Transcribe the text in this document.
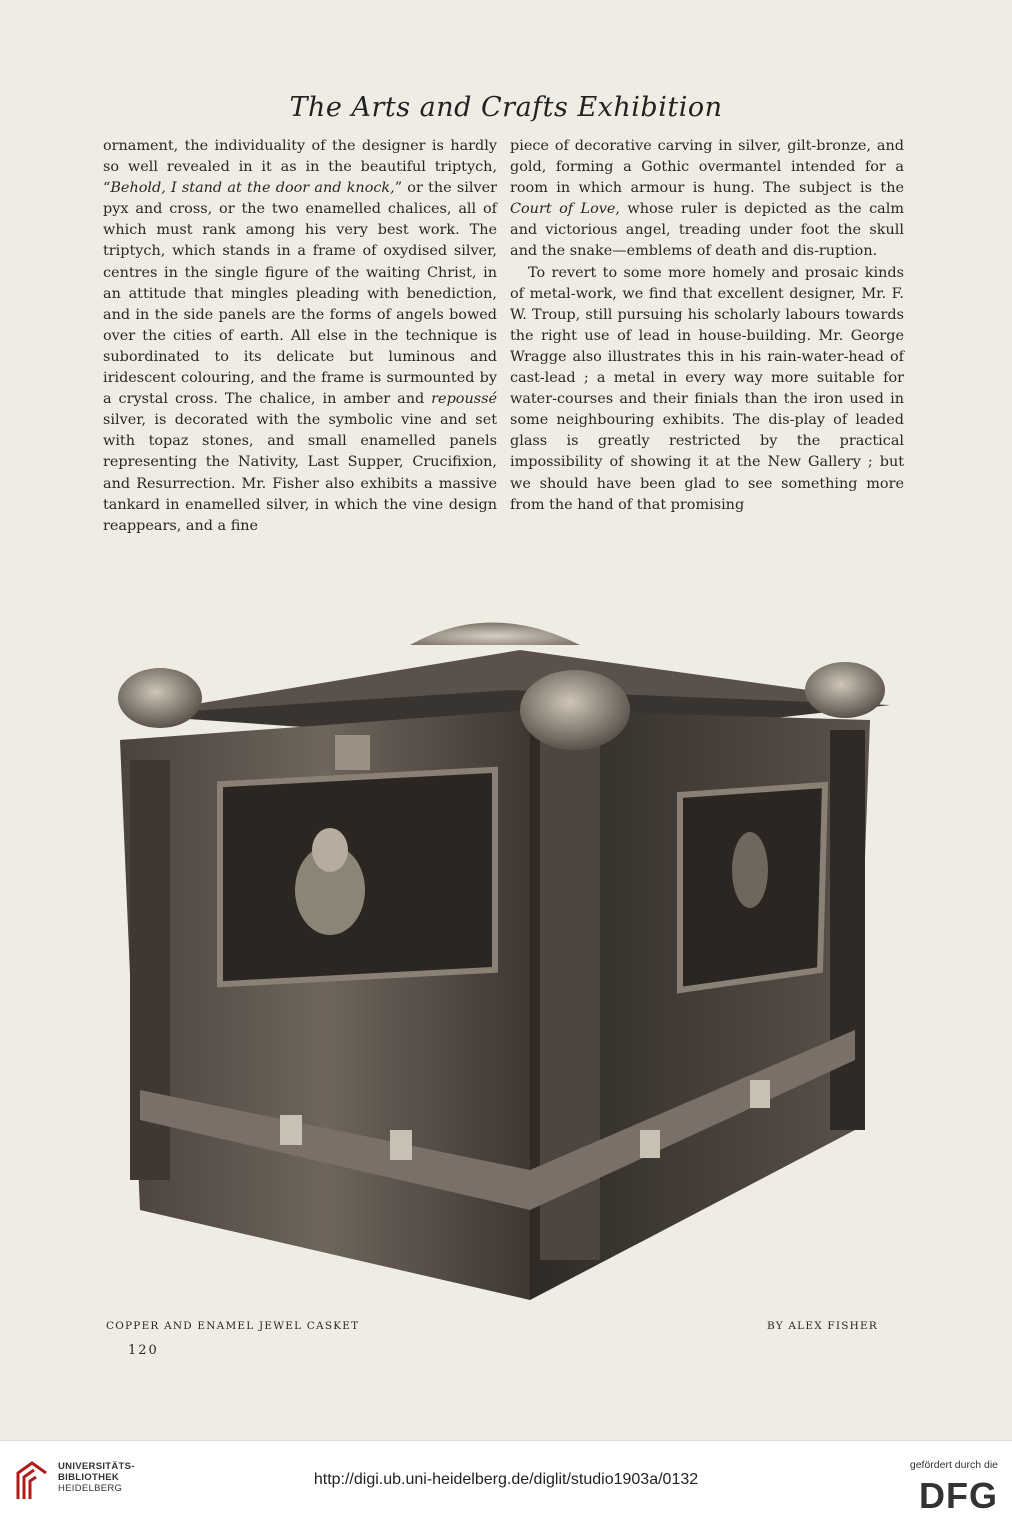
The Arts and Crafts Exhibition

ornament, the individuality of the designer is hardly so well revealed in it as in the beautiful triptych, “Behold, I stand at the door and knock,” or the silver pyx and cross, or the two enamelled chalices, all of which must rank among his very best work. The triptych, which stands in a frame of oxydised silver, centres in the single figure of the waiting Christ, in an attitude that mingles pleading with benediction, and in the side panels are the forms of angels bowed over the cities of earth. All else in the technique is subordinated to its delicate but luminous and iridescent colouring, and the frame is surmounted by a crystal cross. The chalice, in amber and repoussé silver, is decorated with the symbolic vine and set with topaz stones, and small enamelled panels representing the Nativity, Last Supper, Crucifixion, and Resurrection. Mr. Fisher also exhibits a massive tankard in enamelled silver, in which the vine design reappears, and a fine

piece of decorative carving in silver, gilt-bronze, and gold, forming a Gothic overmantel intended for a room in which armour is hung. The subject is the Court of Love, whose ruler is depicted as the calm and victorious angel, treading under foot the skull and the snake—emblems of death and dis-ruption.

To revert to some more homely and prosaic kinds of metal-work, we find that excellent designer, Mr. F. W. Troup, still pursuing his scholarly labours towards the right use of lead in house-building. Mr. George Wragge also illustrates this in his rain-water-head of cast-lead ; a metal in every way more suitable for water-courses and their finials than the iron used in some neighbouring exhibits. The dis-play of leaded glass is greatly restricted by the practical impossibility of showing it at the New Gallery ; but we should have been glad to see something more from the hand of that promising

COPPER AND ENAMEL JEWEL CASKET	BY ALEX FISHER
120
UNIVERSITÄTS-
BIBLIOTHEK
HEIDELBERG
http://digi.ub.uni-heidelberg.de/diglit/studio1903a/0132
gefördert durch die
DFG
